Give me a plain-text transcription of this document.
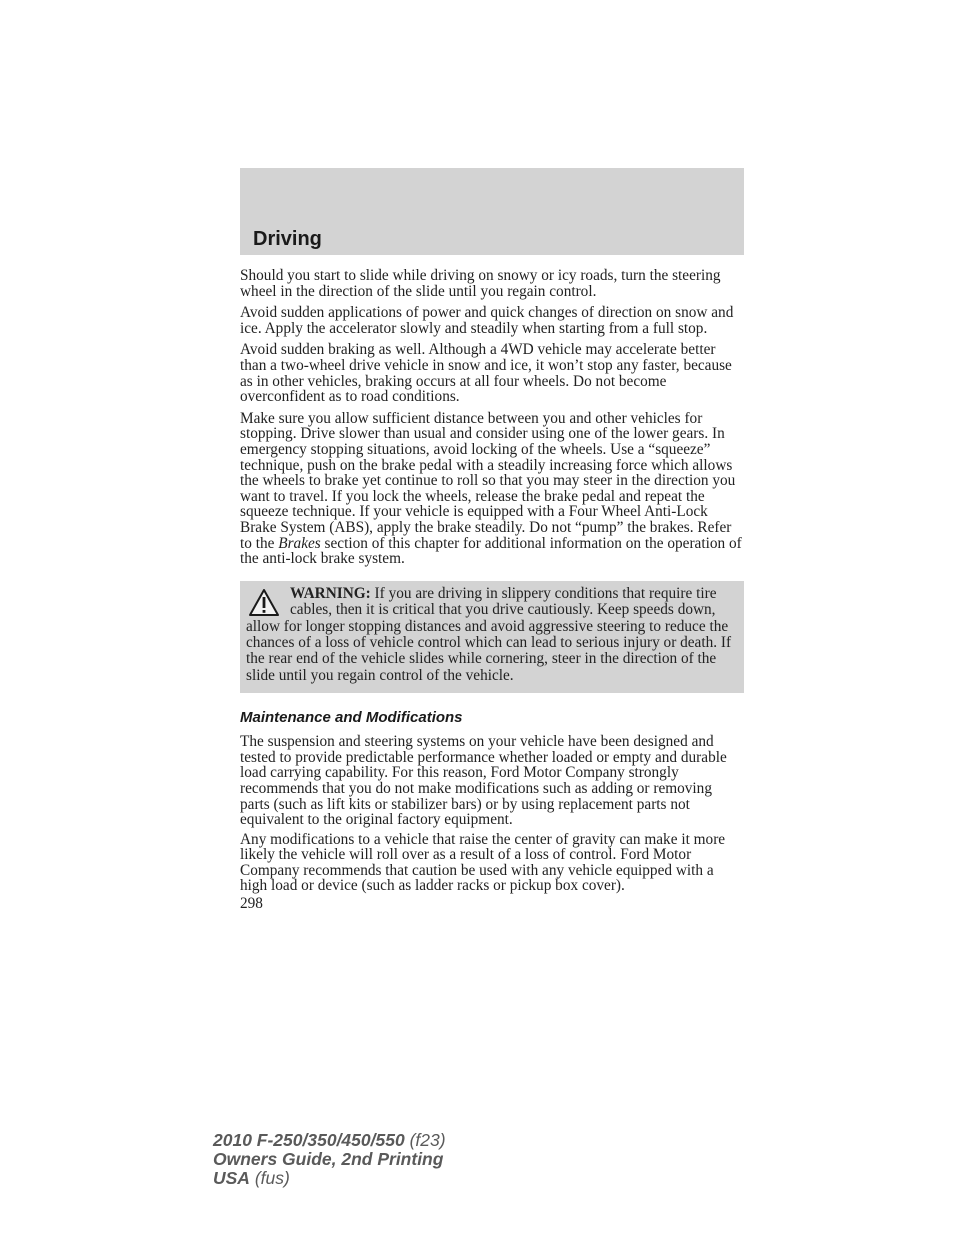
Driving

Should you start to slide while driving on snowy or icy roads, turn the steering wheel in the direction of the slide until you regain control.

Avoid sudden applications of power and quick changes of direction on snow and ice. Apply the accelerator slowly and steadily when starting from a full stop.

Avoid sudden braking as well. Although a 4WD vehicle may accelerate better than a two-wheel drive vehicle in snow and ice, it won’t stop any faster, because as in other vehicles, braking occurs at all four wheels. Do not become overconfident as to road conditions.

Make sure you allow sufficient distance between you and other vehicles for stopping. Drive slower than usual and consider using one of the lower gears. In emergency stopping situations, avoid locking of the wheels. Use a “squeeze” technique, push on the brake pedal with a steadily increasing force which allows the wheels to brake yet continue to roll so that you may steer in the direction you want to travel. If you lock the wheels, release the brake pedal and repeat the squeeze technique. If your vehicle is equipped with a Four Wheel Anti-Lock Brake System (ABS), apply the brake steadily. Do not “pump” the brakes. Refer to the Brakes section of this chapter for additional information on the operation of the anti-lock brake system.

WARNING: If you are driving in slippery conditions that require tire cables, then it is critical that you drive cautiously. Keep speeds down, allow for longer stopping distances and avoid aggressive steering to reduce the chances of a loss of vehicle control which can lead to serious injury or death. If the rear end of the vehicle slides while cornering, steer in the direction of the slide until you regain control of the vehicle.
Maintenance and Modifications

The suspension and steering systems on your vehicle have been designed and tested to provide predictable performance whether loaded or empty and durable load carrying capability. For this reason, Ford Motor Company strongly recommends that you do not make modifications such as adding or removing parts (such as lift kits or stabilizer bars) or by using replacement parts not equivalent to the original factory equipment.

Any modifications to a vehicle that raise the center of gravity can make it more likely the vehicle will roll over as a result of a loss of control. Ford Motor Company recommends that caution be used with any vehicle equipped with a high load or device (such as ladder racks or pickup box cover).

298
2010 F-250/350/450/550 (f23)
Owners Guide, 2nd Printing
USA (fus)
